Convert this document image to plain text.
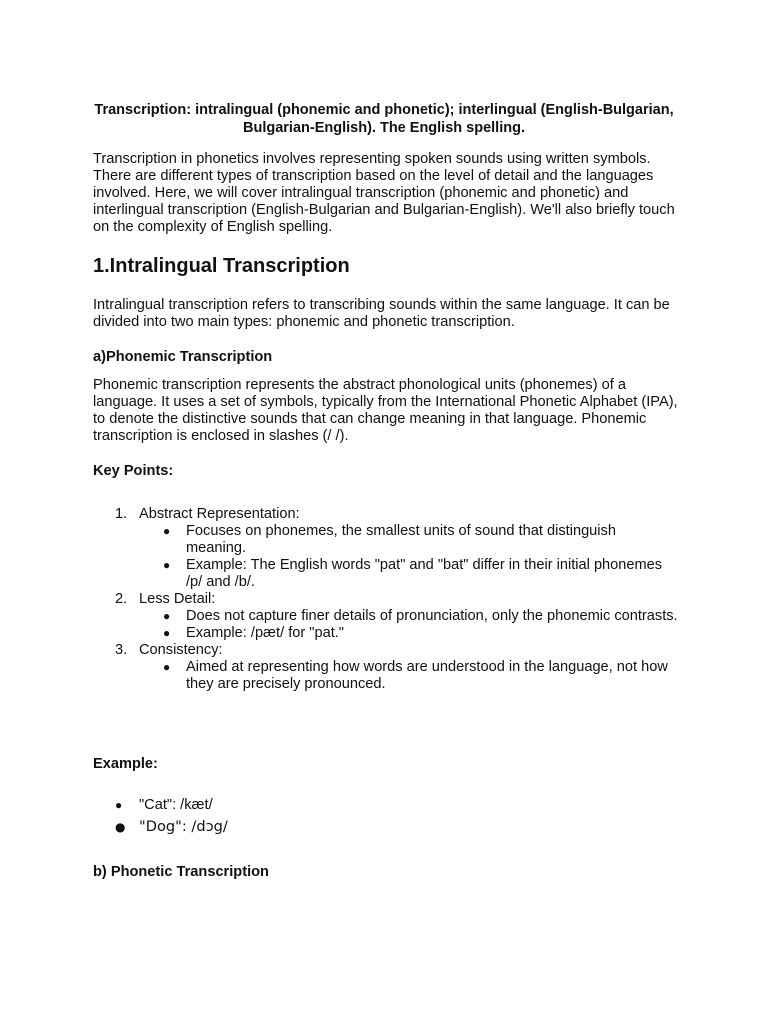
Transcription: intralingual (phonemic and phonetic); interlingual (English-Bulgarian, Bulgarian-English). The English spelling.

Transcription in phonetics involves representing spoken sounds using written symbols. There are different types of transcription based on the level of detail and the languages involved. Here, we will cover intralingual transcription (phonemic and phonetic) and interlingual transcription (English-Bulgarian and Bulgarian-English). We'll also briefly touch on the complexity of English spelling.

1.Intralingual Transcription

Intralingual transcription refers to transcribing sounds within the same language. It can be divided into two main types: phonemic and phonetic transcription.

a)Phonemic Transcription

Phonemic transcription represents the abstract phonological units (phonemes) of a language. It uses a set of symbols, typically from the International Phonetic Alphabet (IPA), to denote the distinctive sounds that can change meaning in that language. Phonemic transcription is enclosed in slashes (/ /).

Key Points:
1. Abstract Representation:
● Focuses on phonemes, the smallest units of sound that distinguish meaning.
● Example: The English words "pat" and "bat" differ in their initial phonemes /p/ and /b/.
2. Less Detail:
● Does not capture finer details of pronunciation, only the phonemic contrasts.
● Example: /pæt/ for "pat."
3. Consistency:
● Aimed at representing how words are understood in the language, not how they are precisely pronounced.
Example:
● "Cat": /kæt/
● "Dog": /dɔg/
b) Phonetic Transcription
